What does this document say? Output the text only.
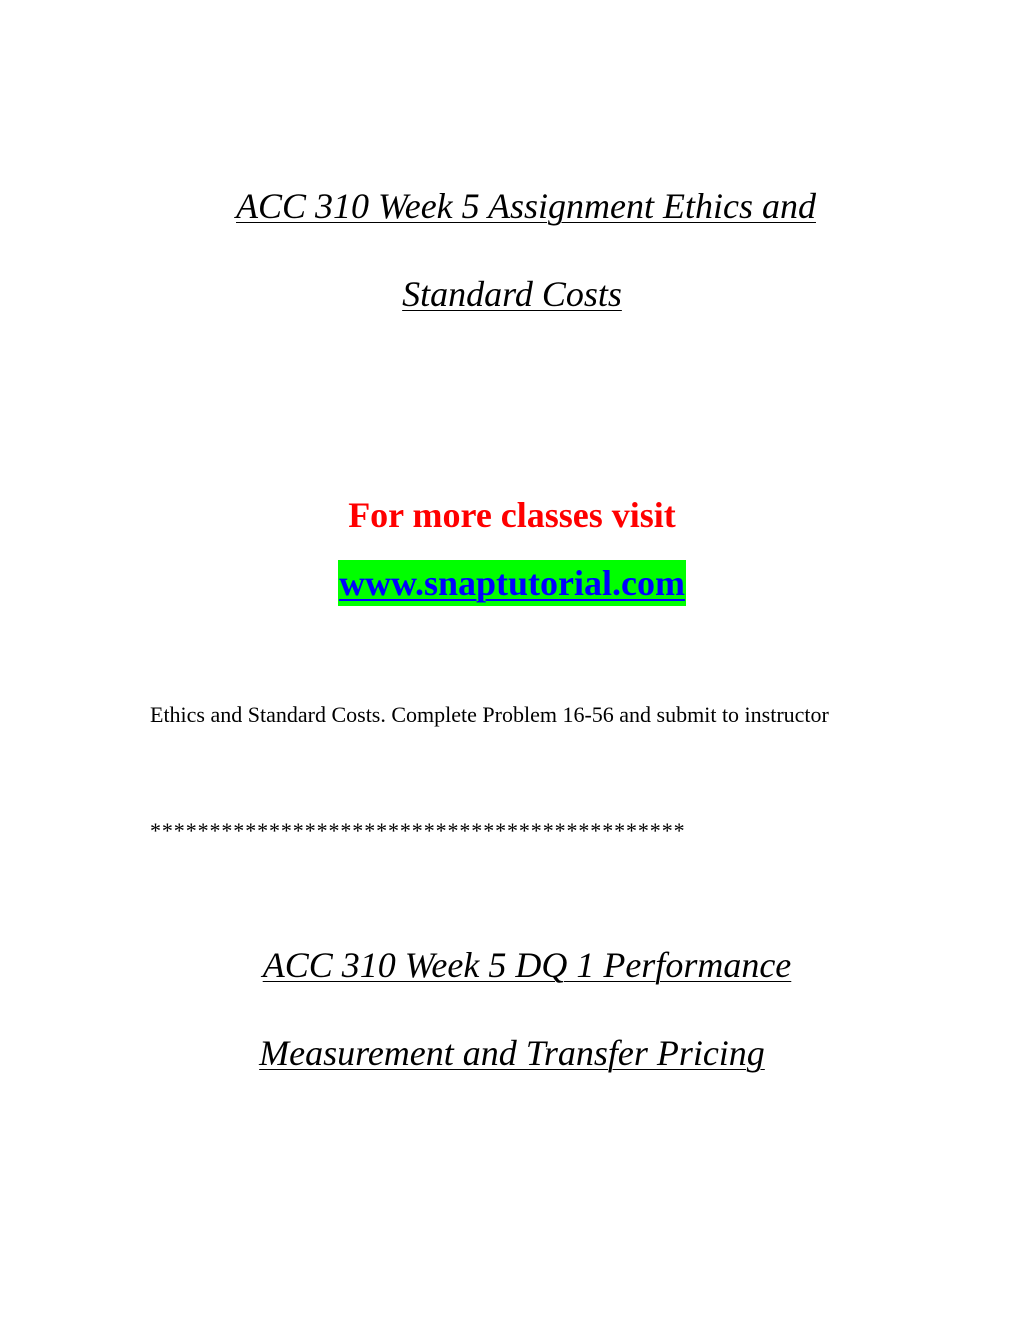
ACC 310 Week 5 Assignment Ethics and
Standard Costs
For more classes visit
www.snaptutorial.com
Ethics and Standard Costs. Complete Problem 16-56 and submit to instructor
*********************************************
ACC 310 Week 5 DQ 1 Performance
Measurement and Transfer Pricing
